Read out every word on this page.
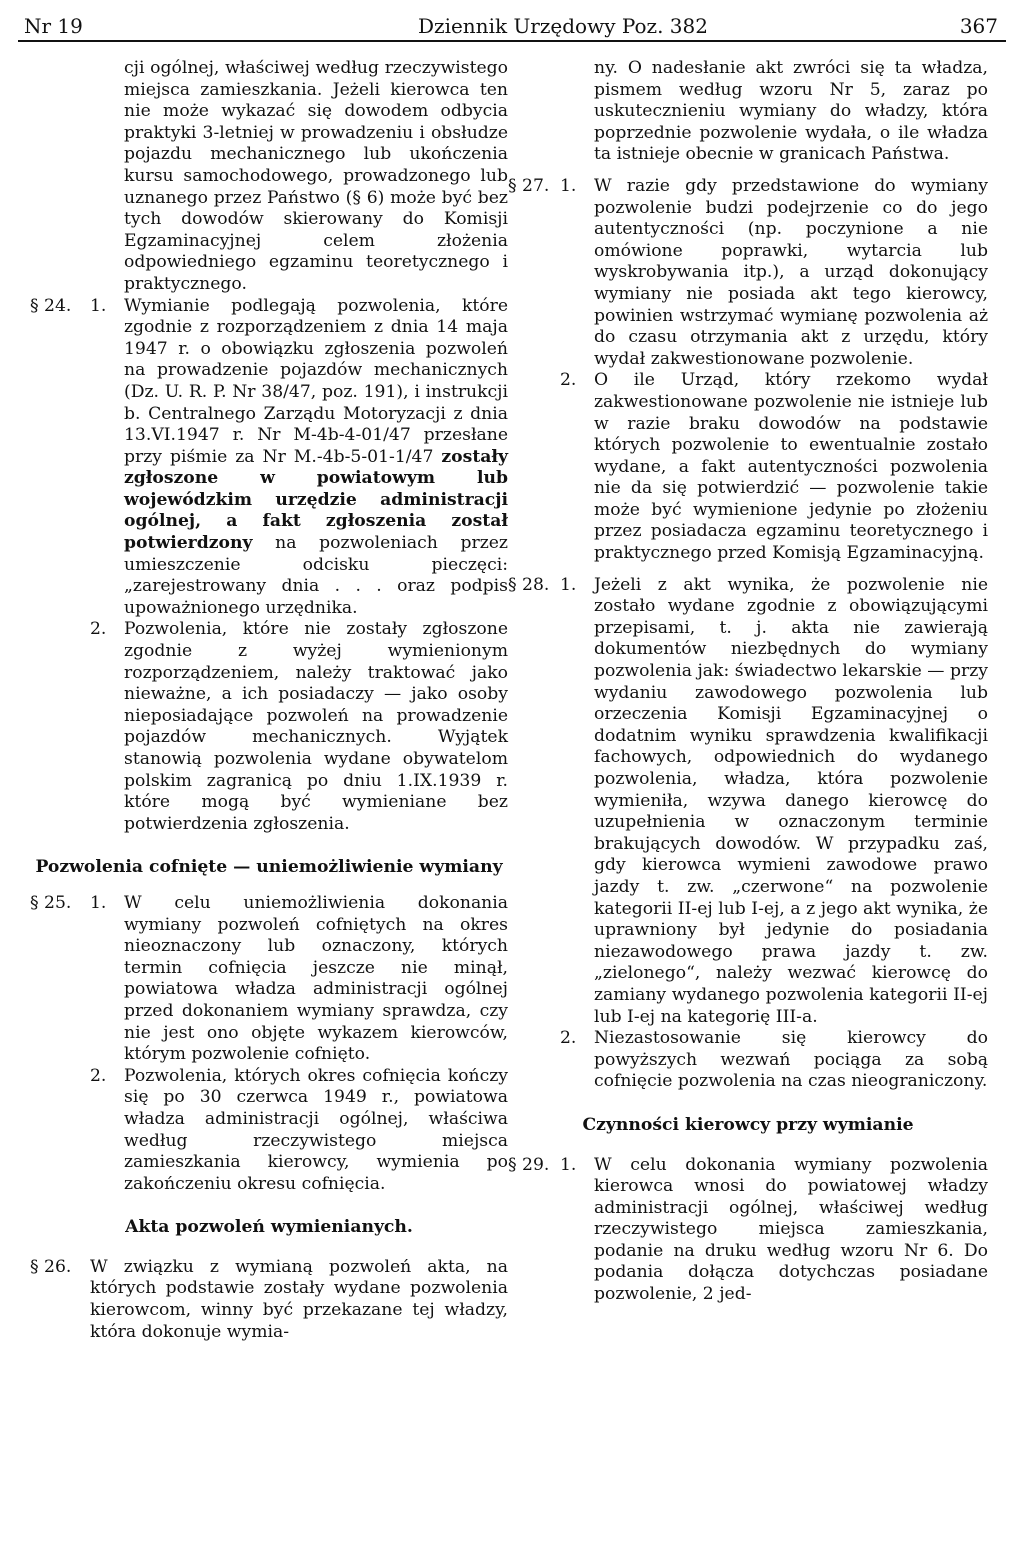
Nr 19	Dziennik Urzędowy Poz. 382	367
cji ogólnej, właściwej według rzeczywistego miejsca zamieszkania. Jeżeli kierowca ten nie może wykazać się dowodem odbycia praktyki 3-letniej w prowadzeniu i obsłudze pojazdu mechanicznego lub ukończenia kursu samochodowego, prowadzonego lub uznanego przez Państwo (§ 6) może być bez tych dowodów skierowany do Komisji Egzaminacyjnej celem złożenia odpowiedniego egzaminu teoretycznego i praktycznego.
§ 24.	1.	Wymianie podlegają pozwolenia, które zgodnie z rozporządzeniem z dnia 14 maja 1947 r. o obowiązku zgłoszenia pozwoleń na prowadzenie pojazdów mechanicznych (Dz. U. R. P. Nr 38/47, poz. 191), i instrukcji b. Centralnego Zarządu Motoryzacji z dnia 13.VI.1947 r. Nr M-4b-4-01/47 przesłane przy piśmie za Nr M.-4b-5-01-1/47 zostały zgłoszone w powiatowym lub wojewódzkim urzędzie administracji ogólnej, a fakt zgłoszenia został potwierdzony na pozwoleniach przez umieszczenie odcisku pieczęci: „zarejestrowany dnia . . . oraz podpis upoważnionego urzędnika.
2.	Pozwolenia, które nie zostały zgłoszone zgodnie z wyżej wymienionym rozporządzeniem, należy traktować jako nieważne, a ich posiadaczy — jako osoby nieposiadające pozwoleń na prowadzenie pojazdów mechanicznych. Wyjątek stanowią pozwolenia wydane obywatelom polskim zagranicą po dniu 1.IX.1939 r. które mogą być wymieniane bez potwierdzenia zgłoszenia.
Pozwolenia cofnięte — uniemożliwienie wymiany
§ 25.	1.	W celu uniemożliwienia dokonania wymiany pozwoleń cofniętych na okres nieoznaczony lub oznaczony, których termin cofnięcia jeszcze nie minął, powiatowa władza administracji ogólnej przed dokonaniem wymiany sprawdza, czy nie jest ono objęte wykazem kierowców, którym pozwolenie cofnięto.
2.	Pozwolenia, których okres cofnięcia kończy się po 30 czerwca 1949 r., powiatowa władza administracji ogólnej, właściwa według rzeczywistego miejsca zamieszkania kierowcy, wymienia po zakończeniu okresu cofnięcia.
Akta pozwoleń wymienianych.
§ 26.	W związku z wymianą pozwoleń akta, na których podstawie zostały wydane pozwolenia kierowcom, winny być przekazane tej władzy, która dokonuje wymia-
ny. O nadesłanie akt zwróci się ta władza, pismem według wzoru Nr 5, zaraz po uskutecznieniu wymiany do władzy, która poprzednie pozwolenie wydała, o ile władza ta istnieje obecnie w granicach Państwa.
§ 27. 1.	W razie gdy przedstawione do wymiany pozwolenie budzi podejrzenie co do jego autentyczności (np. poczynione a nie omówione poprawki, wytarcia lub wyskrobywania itp.), a urząd dokonujący wymiany nie posiada akt tego kierowcy, powinien wstrzymać wymianę pozwolenia aż do czasu otrzymania akt z urzędu, który wydał zakwestionowane pozwolenie.
2.	O ile Urząd, który rzekomo wydał zakwestionowane pozwolenie nie istnieje lub w razie braku dowodów na podstawie których pozwolenie to ewentualnie zostało wydane, a fakt autentyczności pozwolenia nie da się potwierdzić — pozwolenie takie może być wymienione jedynie po złożeniu przez posiadacza egzaminu teoretycznego i praktycznego przed Komisją Egzaminacyjną.
§ 28. 1.	Jeżeli z akt wynika, że pozwolenie nie zostało wydane zgodnie z obowiązującymi przepisami, t. j. akta nie zawierają dokumentów niezbędnych do wymiany pozwolenia jak: świadectwo lekarskie — przy wydaniu zawodowego pozwolenia lub orzeczenia Komisji Egzaminacyjnej o dodatnim wyniku sprawdzenia kwalifikacji fachowych, odpowiednich do wydanego pozwolenia, władza, która pozwolenie wymieniła, wzywa danego kierowcę do uzupełnienia w oznaczonym terminie brakujących dowodów. W przypadku zaś, gdy kierowca wymieni zawodowe prawo jazdy t. zw. „czerwone“ na pozwolenie kategorii II-ej lub I-ej, a z jego akt wynika, że uprawniony był jedynie do posiadania niezawodowego prawa jazdy t. zw. „zielonego“, należy wezwać kierowcę do zamiany wydanego pozwolenia kategorii II-ej lub I-ej na kategorię III-a.
2.	Niezastosowanie się kierowcy do powyższych wezwań pociąga za sobą cofnięcie pozwolenia na czas nieograniczony.
Czynności kierowcy przy wymianie
§ 29. 1.	W celu dokonania wymiany pozwolenia kierowca wnosi do powiatowej władzy administracji ogólnej, właściwej według rzeczywistego miejsca zamieszkania, podanie na druku według wzoru Nr 6. Do podania dołącza dotychczas posiadane pozwolenie, 2 jed-
